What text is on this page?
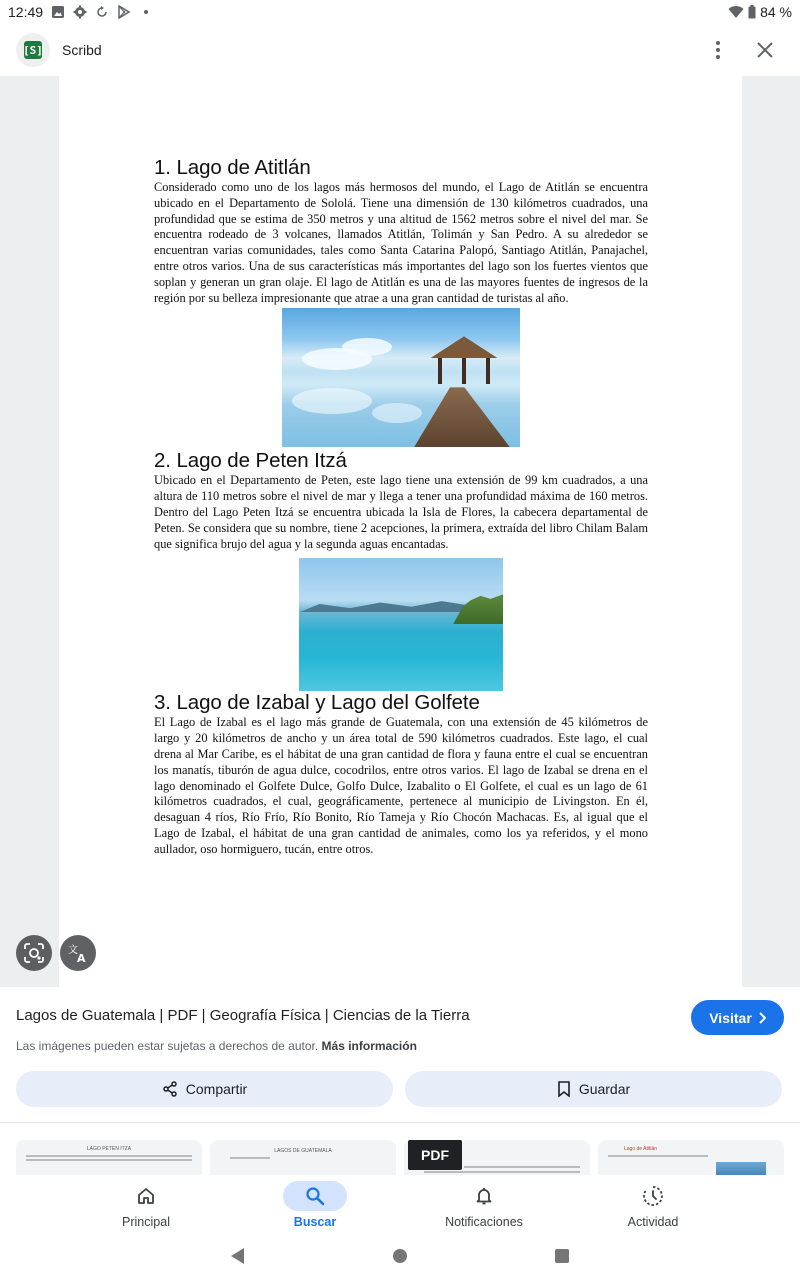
12:49	84 %
[S] Scribd
1. Lago de Atitlán

Considerado como uno de los lagos más hermosos del mundo, el Lago de Atitlán se encuentra ubicado en el Departamento de Sololá. Tiene una dimensión de 130 kilómetros cuadrados, una profundidad que se estima de 350 metros y una altitud de 1562 metros sobre el nivel del mar. Se encuentra rodeado de 3 volcanes, llamados Atitlán, Tolimán y San Pedro. A su alrededor se encuentran varias comunidades, tales como Santa Catarina Palopó, Santiago Atitlán, Panajachel, entre otros varios. Una de sus características más importantes del lago son los fuertes vientos que soplan y generan un gran olaje. El lago de Atitlán es una de las mayores fuentes de ingresos de la región por su belleza impresionante que atrae a una gran cantidad de turistas al año.

2. Lago de Peten Itzá

Ubicado en el Departamento de Peten, este lago tiene una extensión de 99 km cuadrados, a una altura de 110 metros sobre el nivel de mar y llega a tener una profundidad máxima de 160 metros. Dentro del Lago Peten Itzá se encuentra ubicada la Isla de Flores, la cabecera departamental de Peten. Se considera que su nombre, tiene 2 acepciones, la primera, extraída del libro Chilam Balam que significa brujo del agua y la segunda aguas encantadas.

3. Lago de Izabal y Lago del Golfete

El Lago de Izabal es el lago más grande de Guatemala, con una extensión de 45 kilómetros de largo y 20 kilómetros de ancho y un área total de 590 kilómetros cuadrados. Este lago, el cual drena al Mar Caribe, es el hábitat de una gran cantidad de flora y fauna entre el cual se encuentran los manatís, tiburón de agua dulce, cocodrilos, entre otros varios. El lago de Izabal se drena en el lago denominado el Golfete Dulce, Golfo Dulce, Izabalito o El Golfete, el cual es un lago de 61 kilómetros cuadrados, el cual, geográficamente, pertenece al municipio de Livingston. En él, desaguan 4 ríos, Río Frío, Río Bonito, Río Tameja y Río Chocón Machacas. Es, al igual que el Lago de Izabal, el hábitat de una gran cantidad de animales, como los ya referidos, y el mono aullador, oso hormiguero, tucán, entre otros.

文
A
Lagos de Guatemala | PDF | Geografía Física | Ciencias de la Tierra	Visitar
Las imágenes pueden estar sujetas a derechos de autor. Más información
Compartir	Guardar
LAGO PETEN ITZA	LAGOS DE GUATEMALA	Lago de Atitlán
PDF
Principal	Buscar	Notificaciones	Actividad
